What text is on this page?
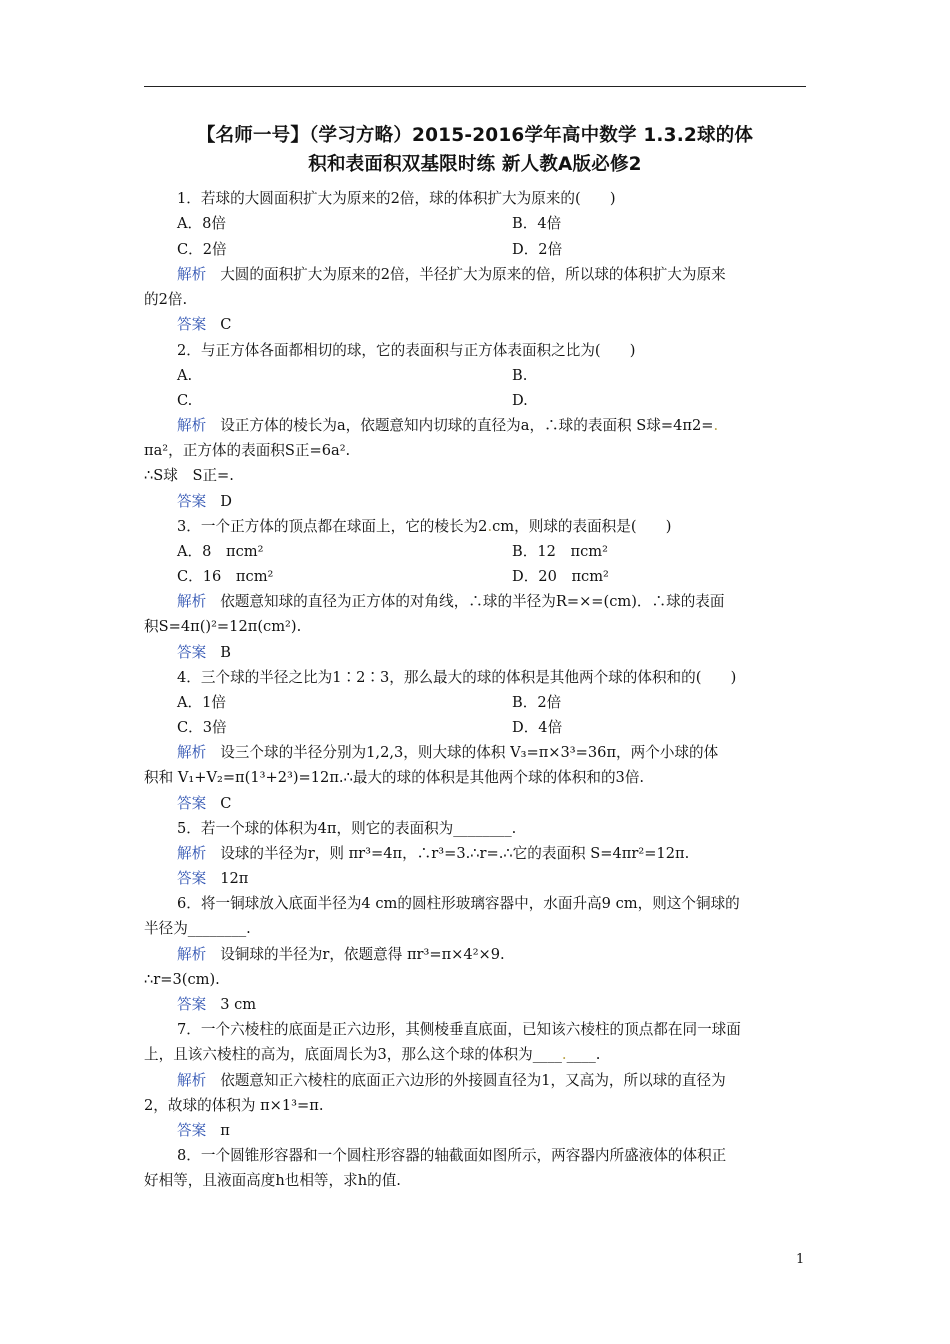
【名师一号】（学习方略）2015-2016学年高中数学 1.3.2球的体
积和表面积双基限时练 新人教A版必修2
1．若球的大圆面积扩大为原来的2倍，球的体积扩大为原来的(　　)
A．8倍	B．4倍
C．2倍	D．2倍
解析 大圆的面积扩大为原来的2倍，半径扩大为原来的倍，所以球的体积扩大为原来
的2倍.
答案 C
2．与正方体各面都相切的球，它的表面积与正方体表面积之比为(　　)
A.	B.
C.	D.
解析 设正方体的棱长为a，依题意知内切球的直径为a，∴球的表面积 S球=4π2=.
πa²，正方体的表面积S正=6a².
∴S球　S正=.
答案 D
3．一个正方体的顶点都在球面上，它的棱长为2.cm，则球的表面积是(　　)
A．8　πcm²	B．12　πcm²
C．16　πcm²	D．20　πcm²
解析 依题意知球的直径为正方体的对角线，∴球的半径为R=×=(cm)．∴球的表面
积S=4π()²=12π(cm²).
答案 B
4．三个球的半径之比为1∶2∶3，那么最大的球的体积是其他两个球的体积和的(　　)
A．1倍	B．2倍
C．3倍	D．4倍
解析 设三个球的半径分别为1,2,3，则大球的体积 V₃=π×3³=36π，两个小球的体
积和 V₁+V₂=π(1³+2³)=12π.∴最大的球的体积是其他两个球的体积和的3倍.
答案 C
5．若一个球的体积为4π，则它的表面积为________.
解析 设球的半径为r，则 πr³=4π，∴r³=3.∴r=.∴它的表面积 S=4πr²=12π.
答案 12π
6．将一铜球放入底面半径为4 cm的圆柱形玻璃容器中，水面升高9 cm，则这个铜球的
半径为________.
解析 设铜球的半径为r，依题意得 πr³=π×4²×9.
∴r=3(cm).
答案 3 cm
7．一个六棱柱的底面是正六边形，其侧棱垂直底面，已知该六棱柱的顶点都在同一球面
上，且该六棱柱的高为，底面周长为3，那么这个球的体积为____.____.
解析 依题意知正六棱柱的底面正六边形的外接圆直径为1，又高为，所以球的直径为
2，故球的体积为 π×1³=π.
答案 π
8．一个圆锥形容器和一个圆柱形容器的轴截面如图所示，两容器内所盛液体的体积正
好相等，且液面高度h也相等，求h的值.
1
